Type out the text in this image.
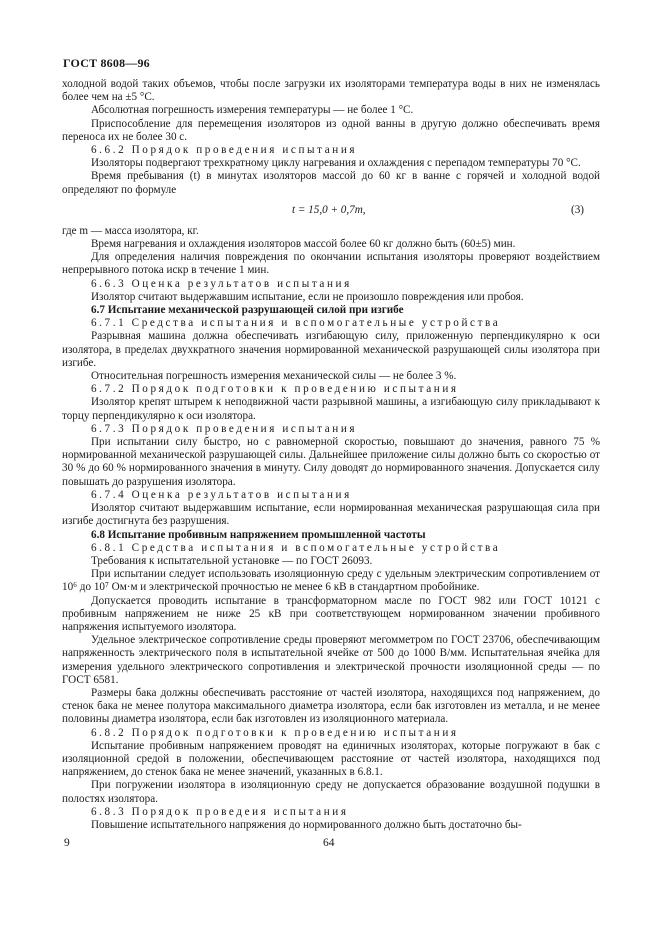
ГОСТ 8608—96

холодной водой таких объемов, чтобы после загрузки их изоляторами температура воды в них не изменялась более чем на ±5 °С.

Абсолютная погрешность измерения температуры — не более 1 °С.

Приспособление для перемещения изоляторов из одной ванны в другую должно обеспечивать время переноса их не более 30 с.

6.6.2 Порядок проведения испытания

Изоляторы подвергают трехкратному циклу нагревания и охлаждения с перепадом температуры 70 °С.

Время пребывания (t) в минутах изоляторов массой до 60 кг в ванне с горячей и холодной водой определяют по формуле

t = 15,0 + 0,7m,	(3)

где m — масса изолятора, кг.

Время нагревания и охлаждения изоляторов массой более 60 кг должно быть (60±5) мин.

Для определения наличия повреждения по окончании испытания изоляторы проверяют воздействием непрерывного потока искр в течение 1 мин.

6.6.3 Оценка результатов испытания

Изолятор считают выдержавшим испытание, если не произошло повреждения или пробоя.

6.7 Испытание механической разрушающей силой при изгибе

6.7.1 Средства испытания и вспомогательные устройства

Разрывная машина должна обеспечивать изгибающую силу, приложенную перпендикулярно к оси изолятора, в пределах двухкратного значения нормированной механической разрушающей силы изолятора при изгибе.

Относительная погрешность измерения механической силы — не более 3 %.

6.7.2 Порядок подготовки к проведению испытания

Изолятор крепят штырем к неподвижной части разрывной машины, а изгибающую силу прикладывают к торцу перпендикулярно к оси изолятора.

6.7.3 Порядок проведения испытания

При испытании силу быстро, но с равномерной скоростью, повышают до значения, равного 75 % нормированной механической разрушающей силы. Дальнейшее приложение силы должно быть со скоростью от 30 % до 60 % нормированного значения в минуту. Силу доводят до нормированного значения. Допускается силу повышать до разрушения изолятора.

6.7.4 Оценка результатов испытания

Изолятор считают выдержавшим испытание, если нормированная механическая разрушающая сила при изгибе достигнута без разрушения.

6.8 Испытание пробивным напряжением промышленной частоты

6.8.1 Средства испытания и вспомогательные устройства

Требования к испытательной установке — по ГОСТ 26093.

При испытании следует использовать изоляционную среду с удельным электрическим сопротивлением от 10⁶ до 10⁷ Ом·м и электрической прочностью не менее 6 кВ в стандартном пробойнике.

Допускается проводить испытание в трансформаторном масле по ГОСТ 982 или ГОСТ 10121 с пробивным напряжением не ниже 25 кВ при соответствующем нормированном значении пробивного напряжения испытуемого изолятора.

Удельное электрическое сопротивление среды проверяют мегомметром по ГОСТ 23706, обеспечивающим напряженность электрического поля в испытательной ячейке от 500 до 1000 В/мм. Испытательная ячейка для измерения удельного электрического сопротивления и электрической прочности изоляционной среды — по ГОСТ 6581.

Размеры бака должны обеспечивать расстояние от частей изолятора, находящихся под напряжением, до стенок бака не менее полутора максимального диаметра изолятора, если бак изготовлен из металла, и не менее половины диаметра изолятора, если бак изготовлен из изоляционного материала.

6.8.2 Порядок подготовки к проведению испытания

Испытание пробивным напряжением проводят на единичных изоляторах, которые погружают в бак с изоляционной средой в положении, обеспечивающем расстояние от частей изолятора, находящихся под напряжением, до стенок бака не менее значений, указанных в 6.8.1.

При погружении изолятора в изоляционную среду не допускается образование воздушной подушки в полостях изолятора.

6.8.3 Порядок проведеия испытания

Повышение испытательного напряжения до нормированного должно быть достаточно бы-

9	64
